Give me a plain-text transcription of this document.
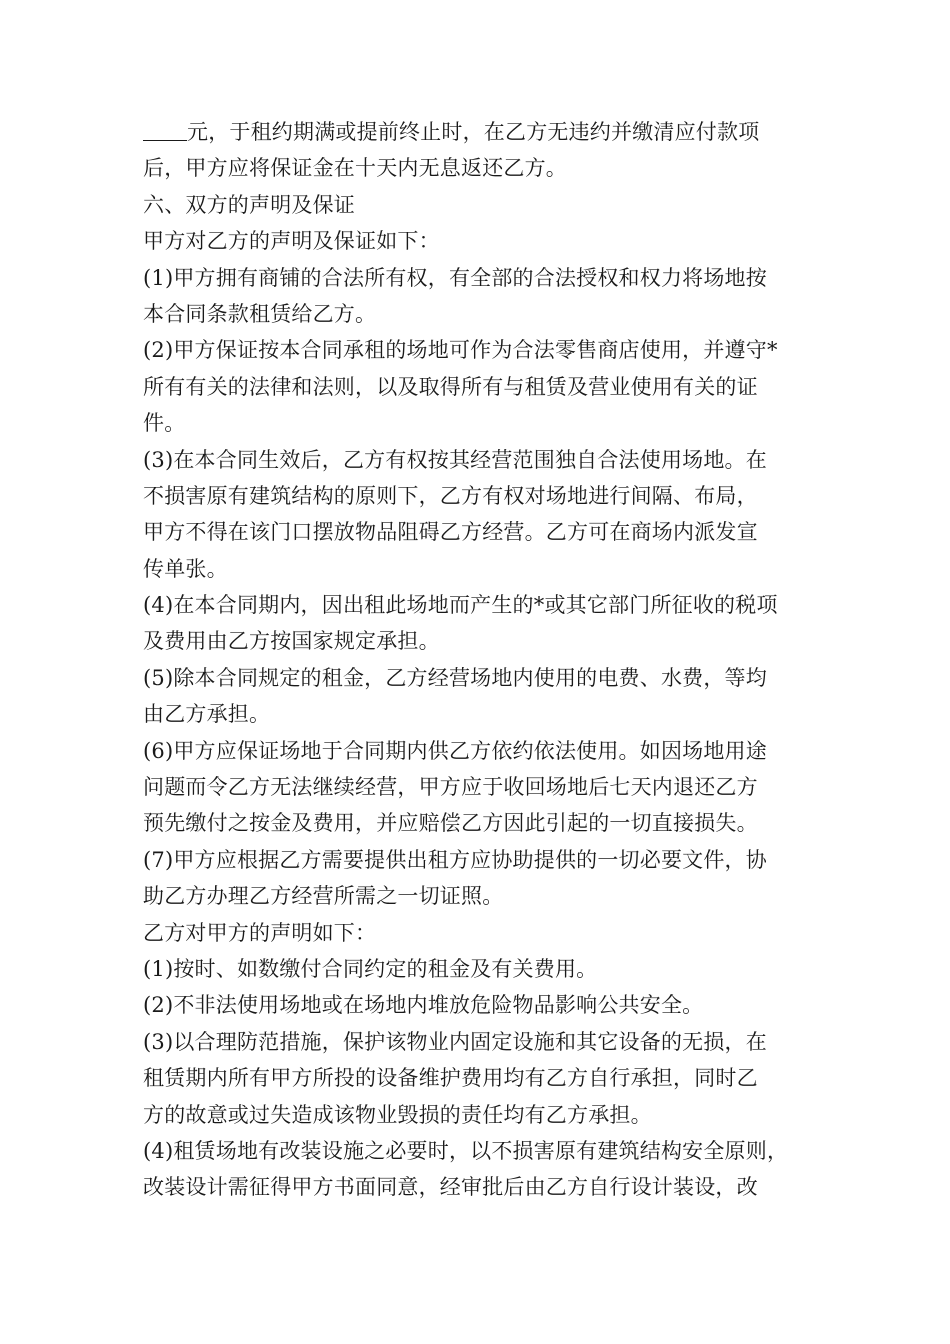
元，于租约期满或提前终止时，在乙方无违约并缴清应付款项
后，甲方应将保证金在十天内无息返还乙方。
六、双方的声明及保证
甲方对乙方的声明及保证如下：
(1)甲方拥有商铺的合法所有权，有全部的合法授权和权力将场地按
本合同条款租赁给乙方。
(2)甲方保证按本合同承租的场地可作为合法零售商店使用，并遵守*
所有有关的法律和法则，以及取得所有与租赁及营业使用有关的证
件。
(3)在本合同生效后，乙方有权按其经营范围独自合法使用场地。在
不损害原有建筑结构的原则下，乙方有权对场地进行间隔、布局，
甲方不得在该门口摆放物品阻碍乙方经营。乙方可在商场内派发宣
传单张。
(4)在本合同期内，因出租此场地而产生的*或其它部门所征收的税项
及费用由乙方按国家规定承担。
(5)除本合同规定的租金，乙方经营场地内使用的电费、水费，等均
由乙方承担。
(6)甲方应保证场地于合同期内供乙方依约依法使用。如因场地用途
问题而令乙方无法继续经营，甲方应于收回场地后七天内退还乙方
预先缴付之按金及费用，并应赔偿乙方因此引起的一切直接损失。
(7)甲方应根据乙方需要提供出租方应协助提供的一切必要文件，协
助乙方办理乙方经营所需之一切证照。
乙方对甲方的声明如下：
(1)按时、如数缴付合同约定的租金及有关费用。
(2)不非法使用场地或在场地内堆放危险物品影响公共安全。
(3)以合理防范措施，保护该物业内固定设施和其它设备的无损，在
租赁期内所有甲方所投的设备维护费用均有乙方自行承担，同时乙
方的故意或过失造成该物业毁损的责任均有乙方承担。
(4)租赁场地有改装设施之必要时，以不损害原有建筑结构安全原则，
改装设计需征得甲方书面同意，经审批后由乙方自行设计装设，改
